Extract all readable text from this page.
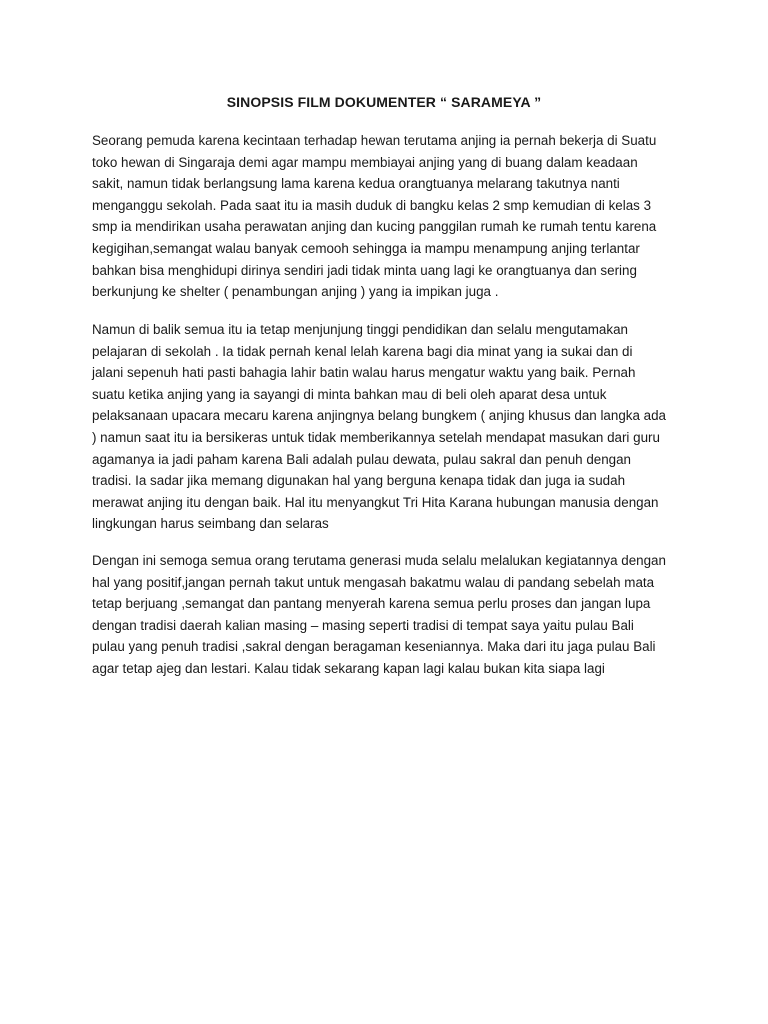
SINOPSIS FILM DOKUMENTER “ SARAMEYA ”

Seorang pemuda karena kecintaan terhadap hewan terutama anjing ia pernah bekerja di Suatu
toko hewan di Singaraja demi agar mampu membiayai anjing yang di buang dalam keadaan
sakit, namun tidak berlangsung lama karena kedua orangtuanya melarang takutnya nanti
menganggu sekolah. Pada saat itu ia masih duduk di bangku kelas 2 smp kemudian di kelas 3
smp ia mendirikan usaha perawatan anjing dan kucing panggilan rumah ke rumah tentu karena
kegigihan,semangat walau banyak cemooh sehingga ia mampu menampung anjing terlantar
bahkan bisa menghidupi dirinya sendiri jadi tidak minta uang lagi ke orangtuanya dan sering
berkunjung ke shelter ( penambungan anjing ) yang ia impikan juga .

Namun di balik semua itu ia tetap menjunjung tinggi pendidikan dan selalu mengutamakan
pelajaran di sekolah . Ia tidak pernah kenal lelah karena bagi dia minat yang ia sukai dan di
jalani sepenuh hati pasti bahagia lahir batin walau harus mengatur waktu yang baik. Pernah
suatu ketika anjing yang ia sayangi di minta bahkan mau di beli oleh aparat desa untuk
pelaksanaan upacara mecaru karena anjingnya belang bungkem ( anjing khusus dan langka ada
) namun saat itu ia bersikeras untuk tidak memberikannya setelah mendapat masukan dari guru
agamanya ia jadi paham karena Bali adalah pulau dewata, pulau sakral dan penuh dengan
tradisi. Ia sadar jika memang digunakan hal yang berguna kenapa tidak dan juga ia sudah
merawat anjing itu dengan baik. Hal itu menyangkut Tri Hita Karana hubungan manusia dengan
lingkungan harus seimbang dan selaras

Dengan ini semoga semua orang terutama generasi muda selalu melalukan kegiatannya dengan
hal yang positif,jangan pernah takut untuk mengasah bakatmu walau di pandang sebelah mata
tetap berjuang ,semangat dan pantang menyerah karena semua perlu proses dan jangan lupa
dengan tradisi daerah kalian masing – masing seperti tradisi di tempat saya yaitu pulau Bali
pulau yang penuh tradisi ,sakral dengan beragaman keseniannya. Maka dari itu jaga pulau Bali
agar tetap ajeg dan lestari. Kalau tidak sekarang kapan lagi kalau bukan kita siapa lagi
